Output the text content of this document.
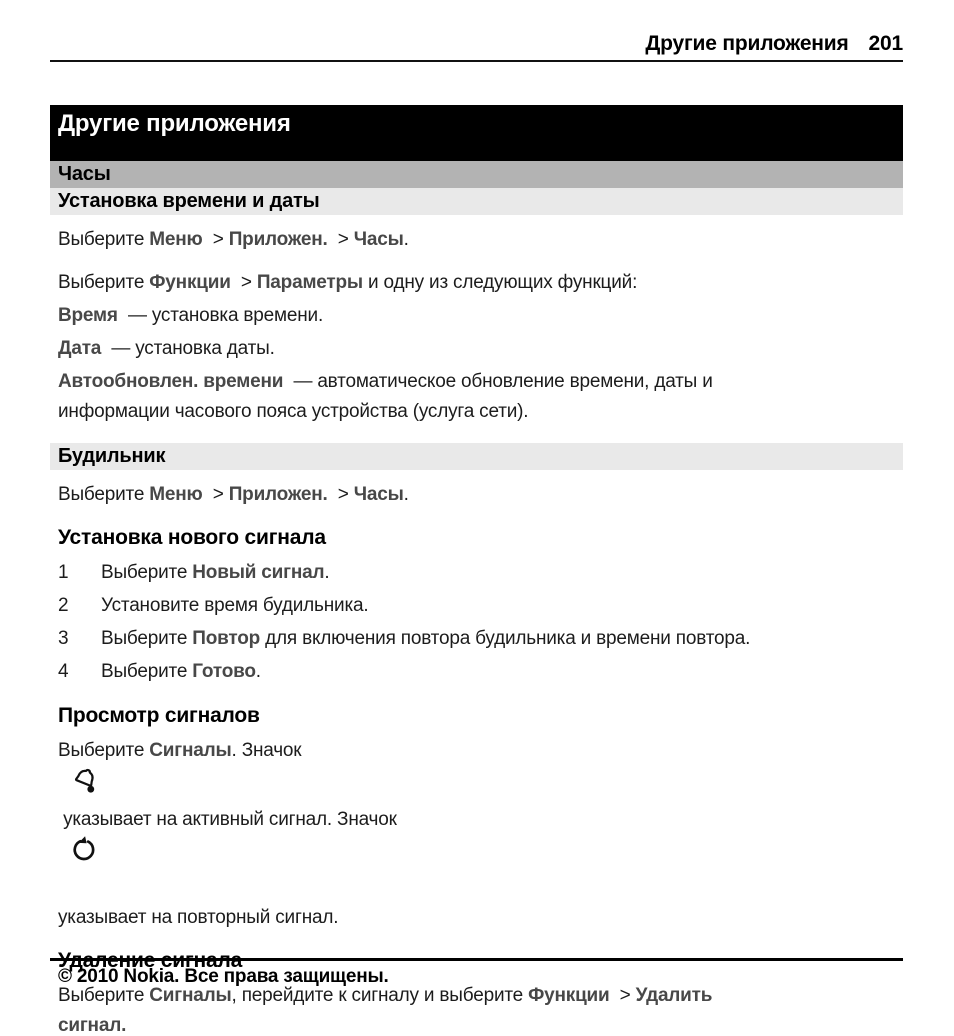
Другие приложения 201
Другие приложения
Часы
Установка времени и даты

Выберите Меню  > Приложен.  > Часы.

Выберите Функции  > Параметры и одну из следующих функций:

Время  — установка времени.

Дата  — установка даты.

Автообновлен. времени  — автоматическое обновление времени, даты и
информации часового пояса устройства (услуга сети).

Будильник

Выберите Меню  > Приложен.  > Часы.

Установка нового сигнала
1	Выберите Новый сигнал.
2	Установите время будильника.
3	Выберите Повтор для включения повтора будильника и времени повтора.
4	Выберите Готово.
Просмотр сигналов

Выберите Сигналы. Значок

указывает на активный сигнал. Значок

указывает на повторный сигнал.

Удаление сигнала

Выберите Сигналы, перейдите к сигналу и выберите Функции  > Удалить
сигнал.

© 2010 Nokia. Все права защищены.
